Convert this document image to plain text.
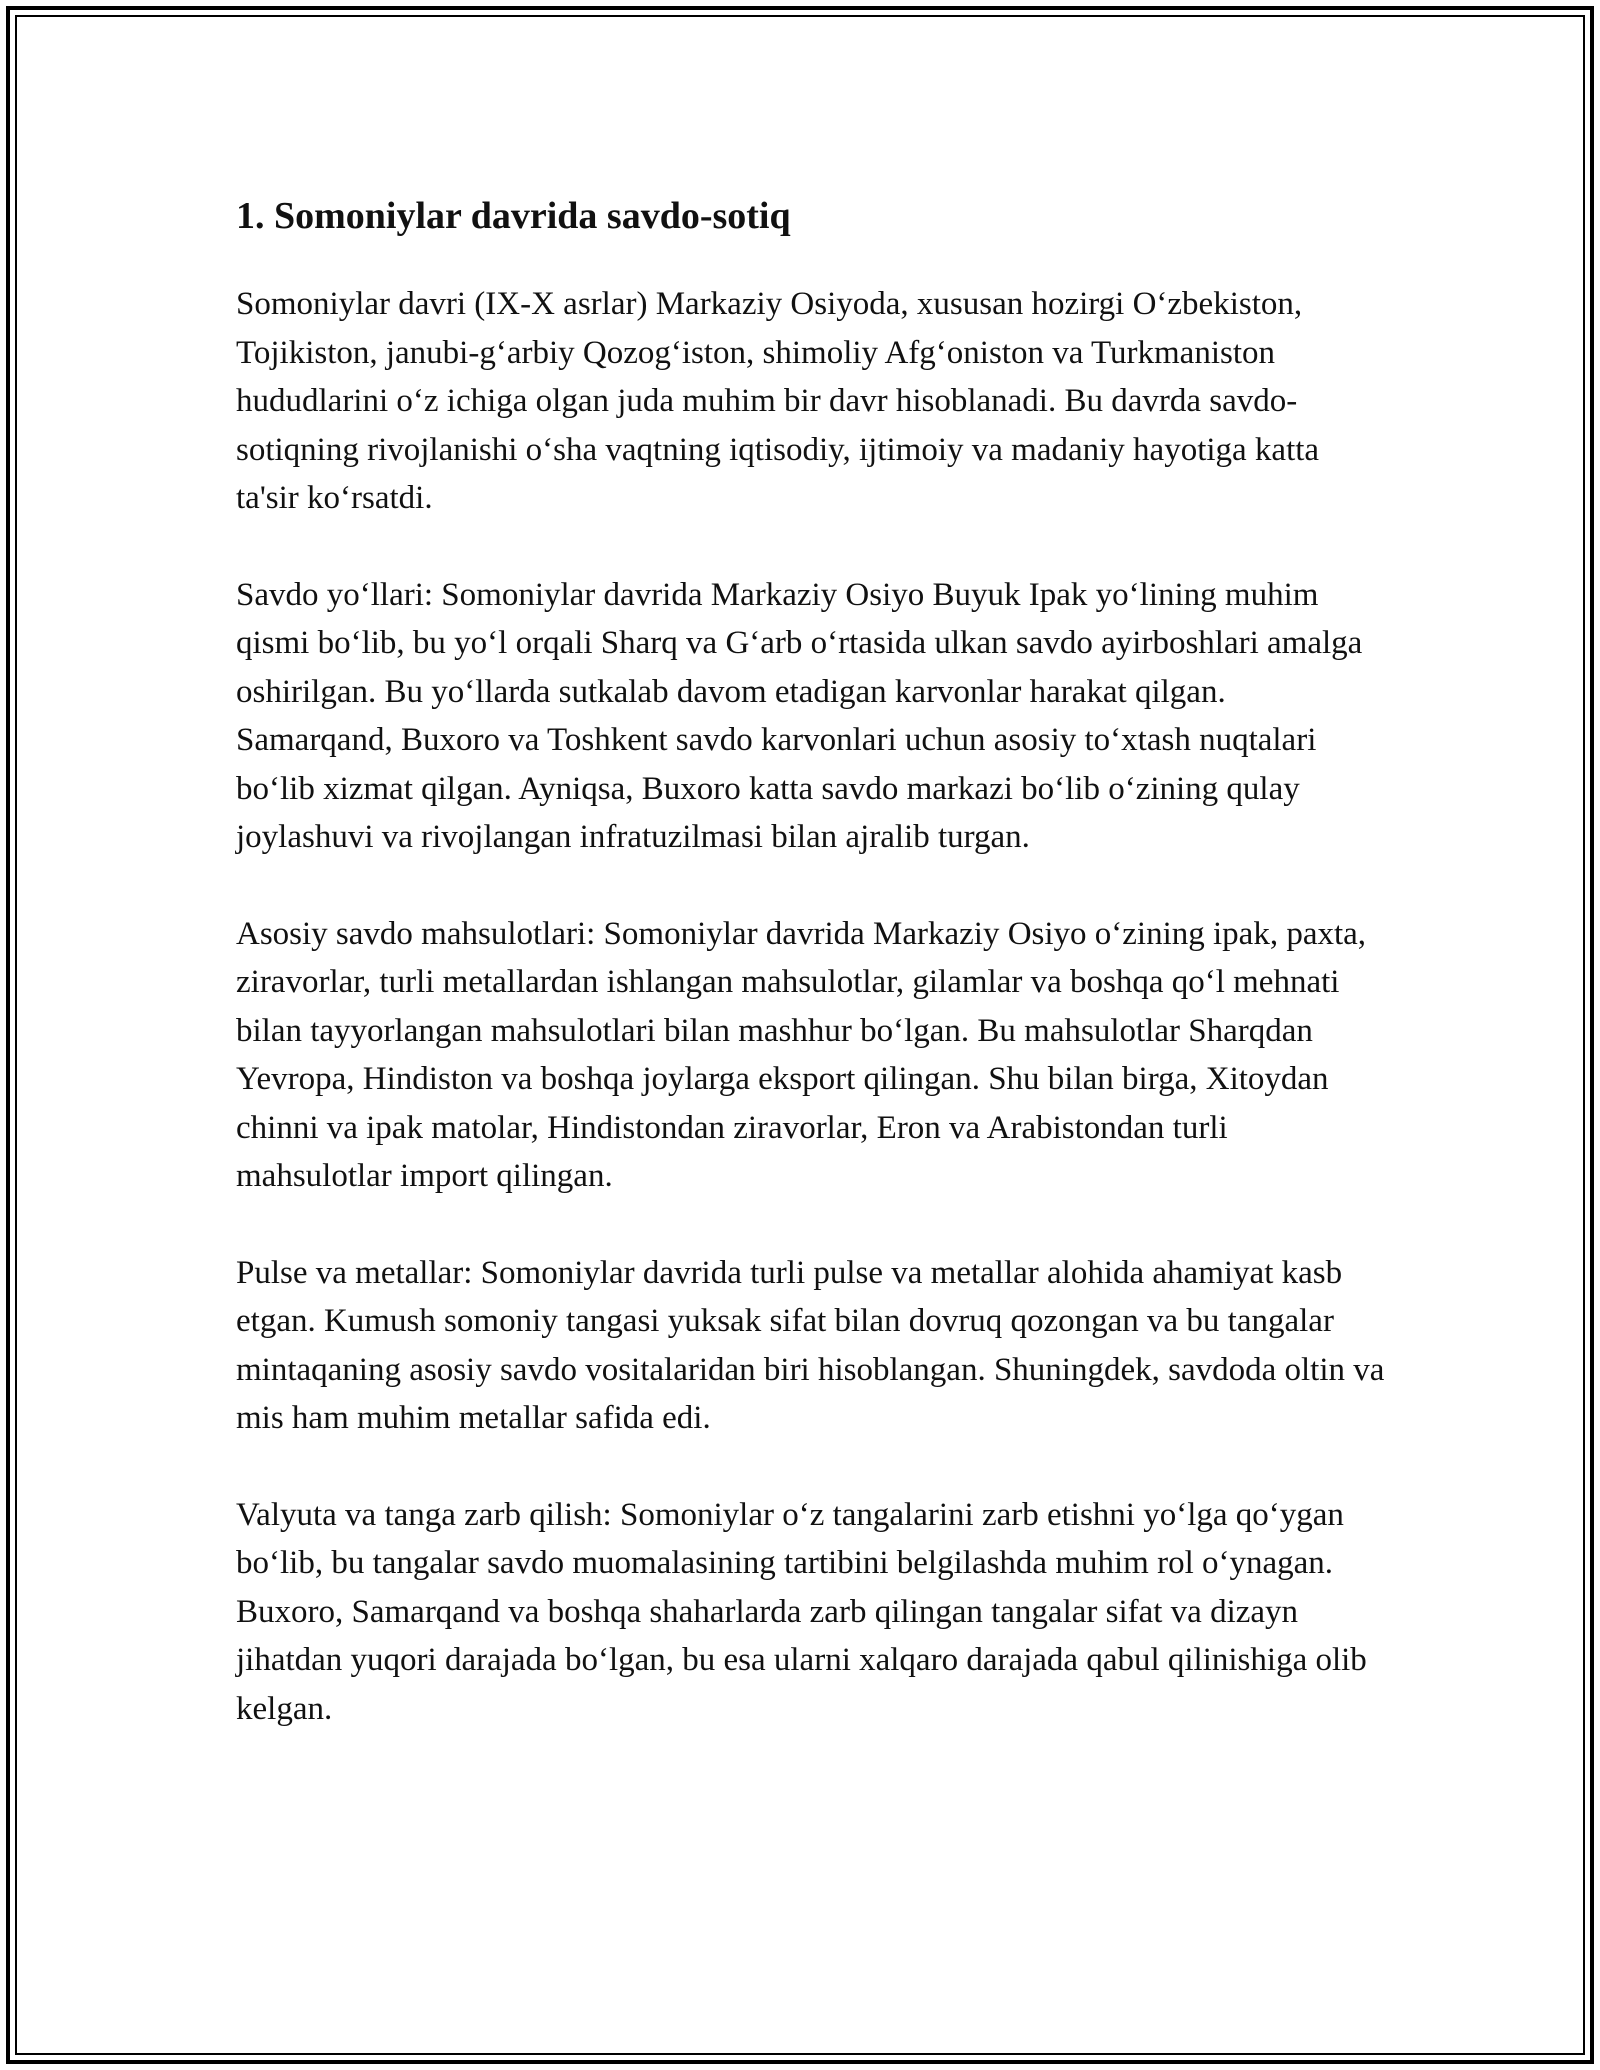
1. Somoniylar davrida savdo-sotiq

Somoniylar davri (IX-X asrlar) Markaziy Osiyoda, xususan hozirgi O‘zbekiston, Tojikiston, janubi-g‘arbiy Qozog‘iston, shimoliy Afg‘oniston va Turkmaniston hududlarini o‘z ichiga olgan juda muhim bir davr hisoblanadi. Bu davrda savdo-sotiqning rivojlanishi o‘sha vaqtning iqtisodiy, ijtimoiy va madaniy hayotiga katta ta'sir ko‘rsatdi.

Savdo yo‘llari: Somoniylar davrida Markaziy Osiyo Buyuk Ipak yo‘lining muhim qismi bo‘lib, bu yo‘l orqali Sharq va G‘arb o‘rtasida ulkan savdo ayirboshlari amalga oshirilgan. Bu yo‘llarda sutkalab davom etadigan karvonlar harakat qilgan. Samarqand, Buxoro va Toshkent savdo karvonlari uchun asosiy to‘xtash nuqtalari bo‘lib xizmat qilgan. Ayniqsa, Buxoro katta savdo markazi bo‘lib o‘zining qulay joylashuvi va rivojlangan infratuzilmasi bilan ajralib turgan.

Asosiy savdo mahsulotlari: Somoniylar davrida Markaziy Osiyo o‘zining ipak, paxta, ziravorlar, turli metallardan ishlangan mahsulotlar, gilamlar va boshqa qo‘l mehnati bilan tayyorlangan mahsulotlari bilan mashhur bo‘lgan. Bu mahsulotlar Sharqdan Yevropa, Hindiston va boshqa joylarga eksport qilingan. Shu bilan birga, Xitoydan chinni va ipak matolar, Hindistondan ziravorlar, Eron va Arabistondan turli mahsulotlar import qilingan.

Pulse va metallar: Somoniylar davrida turli pulse va metallar alohida ahamiyat kasb etgan. Kumush somoniy tangasi yuksak sifat bilan dovruq qozongan va bu tangalar mintaqaning asosiy savdo vositalaridan biri hisoblangan. Shuningdek, savdoda oltin va mis ham muhim metallar safida edi.

Valyuta va tanga zarb qilish: Somoniylar o‘z tangalarini zarb etishni yo‘lga qo‘ygan bo‘lib, bu tangalar savdo muomalasining tartibini belgilashda muhim rol o‘ynagan. Buxoro, Samarqand va boshqa shaharlarda zarb qilingan tangalar sifat va dizayn jihatdan yuqori darajada bo‘lgan, bu esa ularni xalqaro darajada qabul qilinishiga olib kelgan.
